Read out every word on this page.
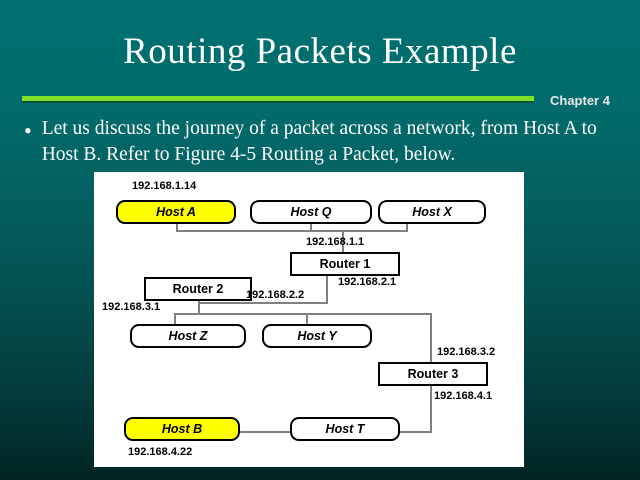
Routing Packets Example
Chapter 4
• Let us discuss the journey of a packet across a network, from Host A to Host B. Refer to Figure 4-5 Routing a Packet, below.
Host A	Host Q	Host X
Router 1
Router 2
Host Z	Host Y
Router 3
Host B	Host T
192.168.1.14
192.168.1.1
192.168.2.1
192.168.2.2
192.168.3.1
192.168.3.2
192.168.4.1
192.168.4.22
